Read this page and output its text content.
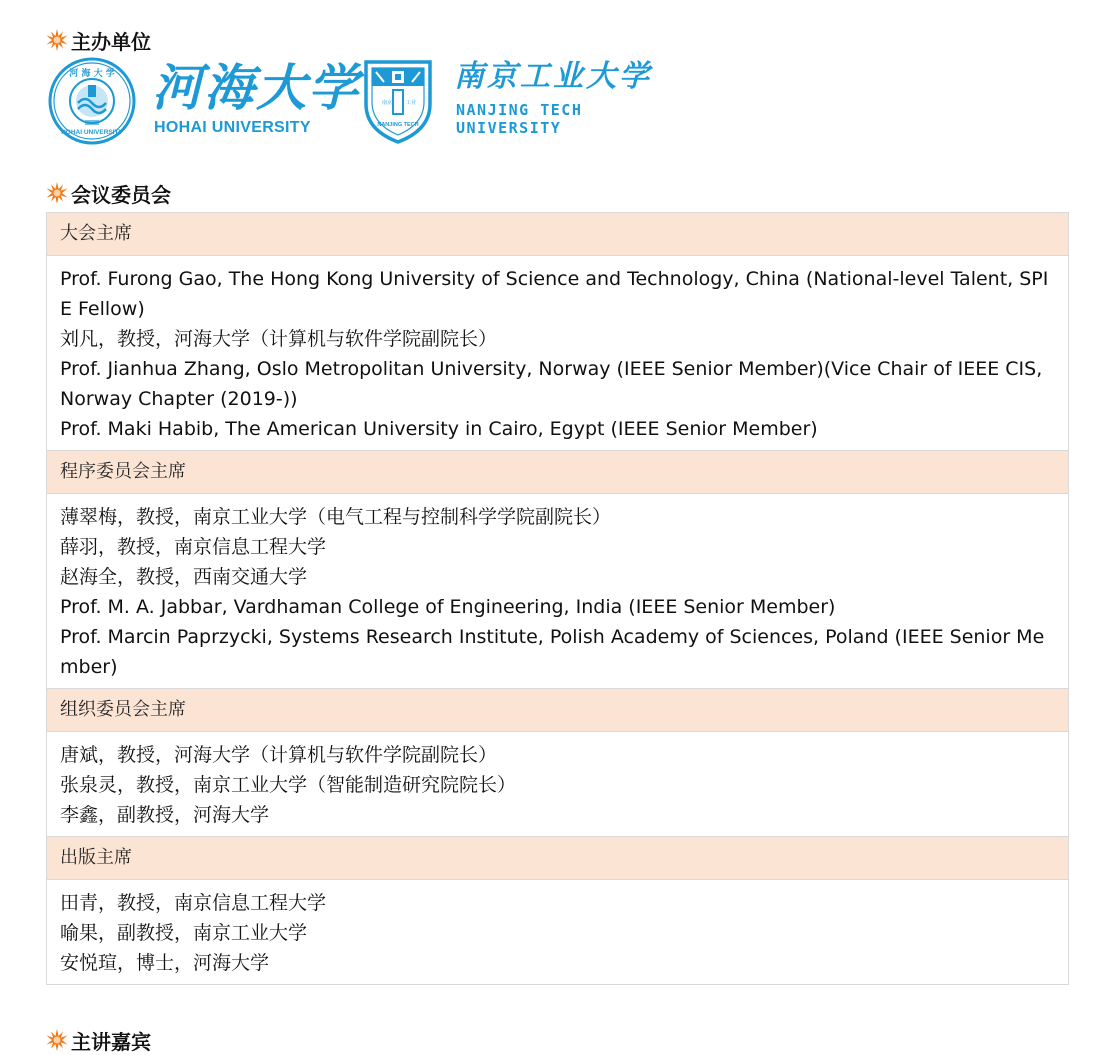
主办单位
河 海 大 学
HOHAI UNIVERSITY
河海大学
HOHAI UNIVERSITY	NANJING TECH
南京	工业
南京工业大学
NANJING TECH
UNIVERSITY
会议委员会
大会主席
Prof. Furong Gao, The Hong Kong University of Science and Technology, China (National-level Talent, SPIE Fellow)
刘凡，教授，河海大学（计算机与软件学院副院长）
Prof. Jianhua Zhang, Oslo Metropolitan University, Norway (IEEE Senior Member)(Vice Chair of IEEE CIS, Norway Chapter (2019-))
Prof. Maki Habib, The American University in Cairo, Egypt (IEEE Senior Member)
程序委员会主席
薄翠梅，教授，南京工业大学（电气工程与控制科学学院副院长）
薛羽，教授，南京信息工程大学
赵海全，教授，西南交通大学
Prof. M. A. Jabbar, Vardhaman College of Engineering, India (IEEE Senior Member)
Prof. Marcin Paprzycki, Systems Research Institute, Polish Academy of Sciences, Poland (IEEE Senior Member)
组织委员会主席
唐斌，教授，河海大学（计算机与软件学院副院长）
张泉灵，教授，南京工业大学（智能制造研究院院长）
李鑫，副教授，河海大学
出版主席
田青，教授，南京信息工程大学
喻果，副教授，南京工业大学
安悦瑄，博士，河海大学
主讲嘉宾
